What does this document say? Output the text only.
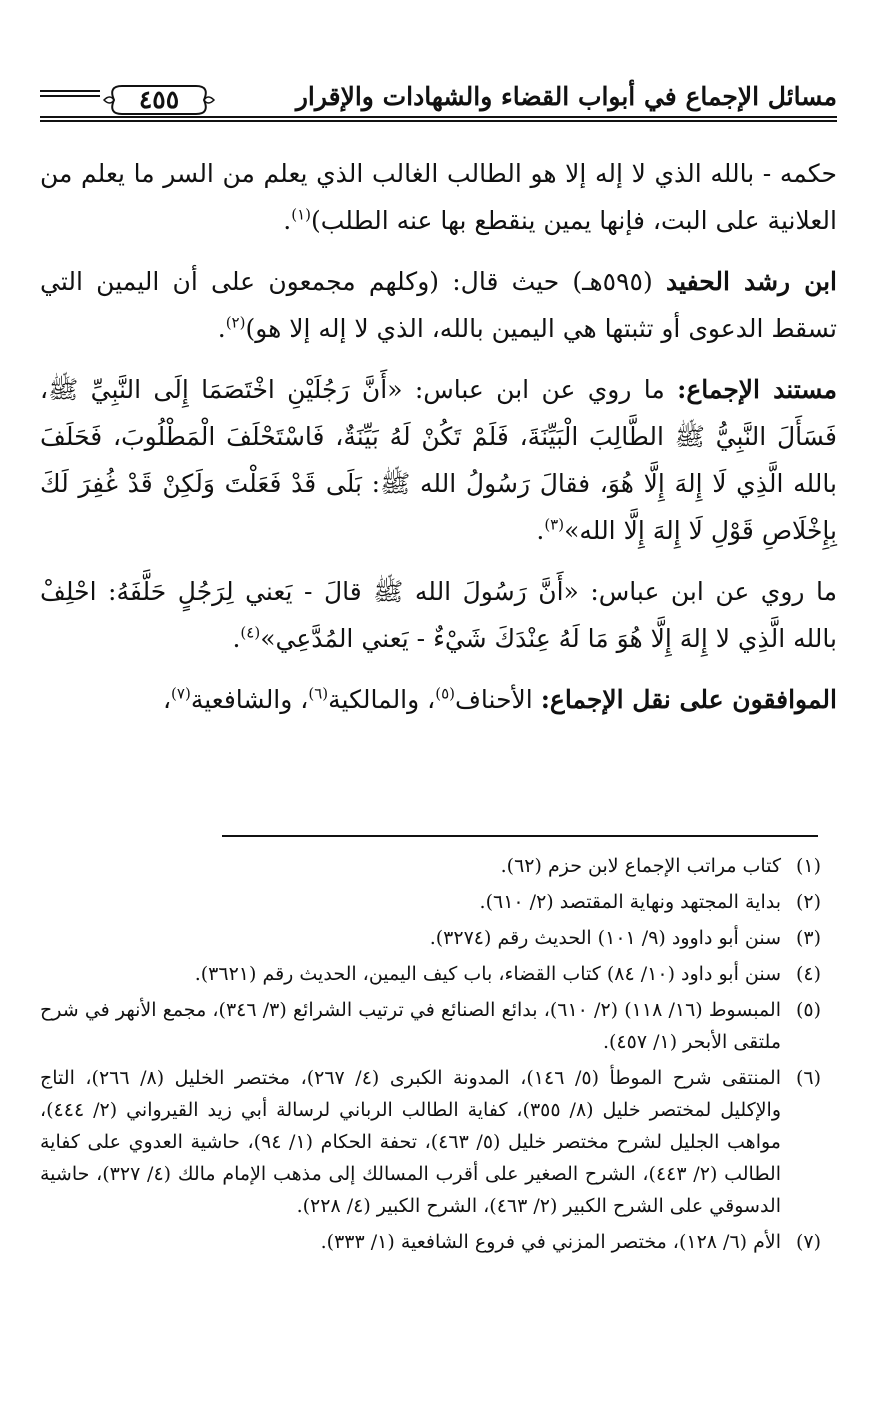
مسائل الإجماع في أبواب القضاء والشهادات والإقرار
٤٥٥

حكمه - بالله الذي لا إله إلا هو الطالب الغالب الذي يعلم من السر ما يعلم من العلانية على البت، فإنها يمين ينقطع بها عنه الطلب)$^{(١)}$.

ابن رشد الحفيد (٥٩٥هـ) حيث قال: (وكلهم مجمعون على أن اليمين التي تسقط الدعوى أو تثبتها هي اليمين بالله، الذي لا إله إلا هو)$^{(٢)}$.

مستند الإجماع: ما روي عن ابن عباس: «أَنَّ رَجُلَيْنِ اخْتَصَمَا إِلَى النَّبِيِّ ﷺ، فَسَأَلَ النَّبِيُّ ﷺ الطَّالِبَ الْبَيِّنَةَ، فَلَمْ تَكُنْ لَهُ بَيِّنَةٌ، فَاسْتَحْلَفَ الْمَطْلُوبَ، فَحَلَفَ بالله الَّذِي لَا إِلهَ إِلَّا هُوَ، فقالَ رَسُولُ الله ﷺ: بَلَى قَدْ فَعَلْتَ وَلَكِنْ قَدْ غُفِرَ لَكَ بِإِخْلَاصِ قَوْلِ لَا إِلهَ إِلَّا الله»$^{(٣)}$.

ما روي عن ابن عباس: «أَنَّ رَسُولَ الله ﷺ قالَ - يَعني لِرَجُلٍ حَلَّفَهُ: احْلِفْ بالله الَّذِي لا إِلهَ إِلَّا هُوَ مَا لَهُ عِنْدَكَ شَيْءٌ - يَعني المُدَّعِي»$^{(٤)}$.

الموافقون على نقل الإجماع: الأحناف$^{(٥)}$، والمالكية$^{(٦)}$، والشافعية$^{(٧)}$،

(١)
كتاب مراتب الإجماع لابن حزم (٦٢).
(٢)
بداية المجتهد ونهاية المقتصد (٢/ ٦١٠).
(٣)
سنن أبو داوود (٩/ ١٠١) الحديث رقم (٣٢٧٤).
(٤)
سنن أبو داود (١٠/ ٨٤) كتاب القضاء، باب كيف اليمين، الحديث رقم (٣٦٢١).
(٥)
المبسوط (١٦/ ١١٨) (٢/ ٦١٠)، بدائع الصنائع في ترتيب الشرائع (٣/ ٣٤٦)، مجمع الأنهر في شرح ملتقى الأبحر (١/ ٤٥٧).
(٦)
المنتقى شرح الموطأ (٥/ ١٤٦)، المدونة الكبرى (٤/ ٢٦٧)، مختصر الخليل (٨/ ٢٦٦)، التاج والإكليل لمختصر خليل (٨/ ٣٥٥)، كفاية الطالب الرباني لرسالة أبي زيد القيرواني (٢/ ٤٤٤)، مواهب الجليل لشرح مختصر خليل (٥/ ٤٦٣)، تحفة الحكام (١/ ٩٤)، حاشية العدوي على كفاية الطالب (٢/ ٤٤٣)، الشرح الصغير على أقرب المسالك إلى مذهب الإمام مالك (٤/ ٣٢٧)، حاشية الدسوقي على الشرح الكبير (٢/ ٤٦٣)، الشرح الكبير (٤/ ٢٢٨).
(٧)
الأم (٦/ ١٢٨)، مختصر المزني في فروع الشافعية (١/ ٣٣٣).
